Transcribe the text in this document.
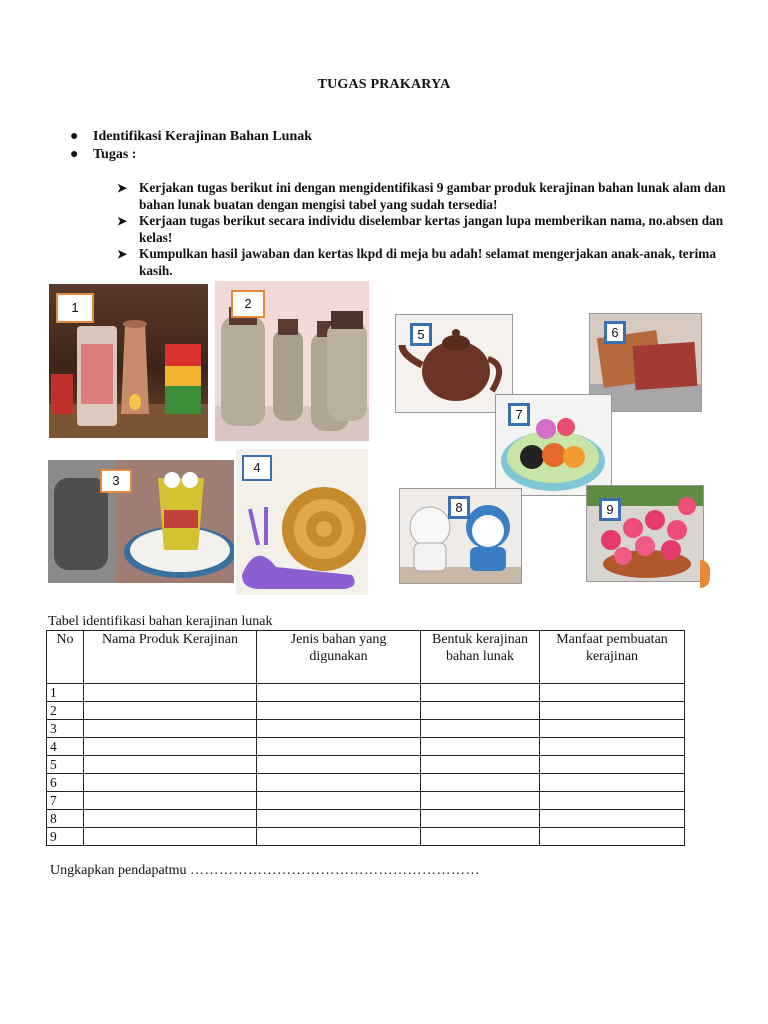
TUGAS PRAKARYA
● Identifikasi Kerajinan Bahan Lunak
● Tugas :
➤ Kerjakan tugas berikut ini dengan mengidentifikasi 9 gambar produk kerajinan bahan lunak alam dan bahan lunak buatan dengan mengisi tabel yang sudah tersedia!
➤ Kerjaan tugas berikut secara individu diselembar kertas jangan lupa memberikan nama, no.absen dan kelas!
➤ Kumpulkan hasil jawaban dan kertas lkpd di meja bu adah! selamat mengerjakan anak-anak, terima kasih.
1	2
3
4
5	6
7
8	9
Tabel identifikasi bahan kerajinan lunak
No	Nama Produk Kerajinan	Jenis bahan yang digunakan	Bentuk kerajinan bahan lunak	Manfaat pembuatan kerajinan
1				
2				
3				
4				
5				
6				
7				
8				
9				
Ungkapkan pendapatmu ……………………………………………………
